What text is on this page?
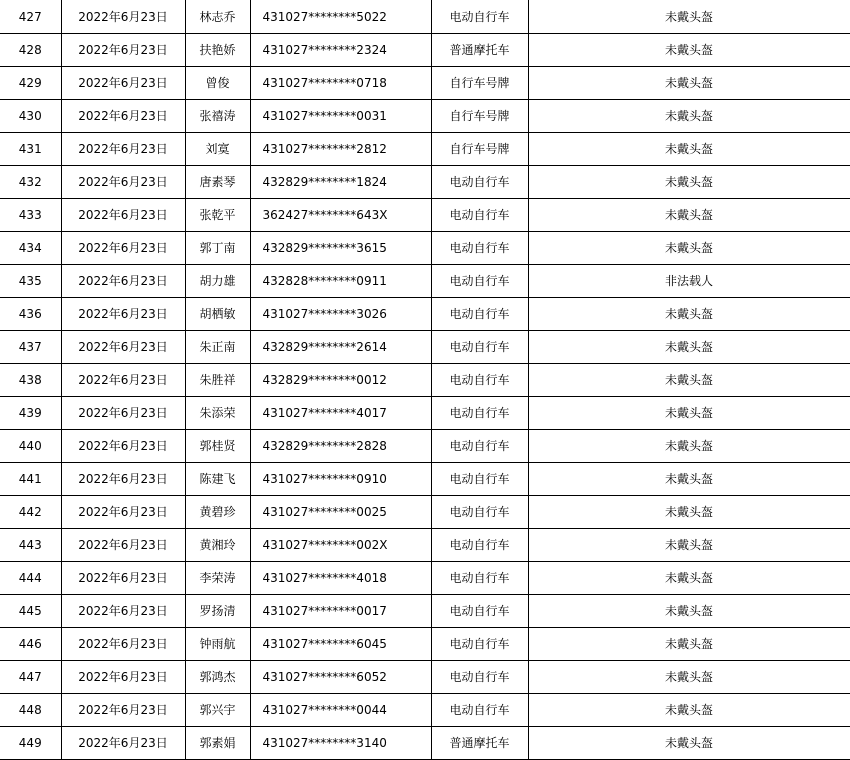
427	2022年6月23日	林志乔	431027********5022	电动自行车	未戴头盔
428	2022年6月23日	扶艳娇	431027********2324	普通摩托车	未戴头盔
429	2022年6月23日	曾俊	431027********0718	自行车号牌	未戴头盔
430	2022年6月23日	张禧涛	431027********0031	自行车号牌	未戴头盔
431	2022年6月23日	刘寞	431027********2812	自行车号牌	未戴头盔
432	2022年6月23日	唐素琴	432829********1824	电动自行车	未戴头盔
433	2022年6月23日	张乾平	362427********643X	电动自行车	未戴头盔
434	2022年6月23日	郭丁南	432829********3615	电动自行车	未戴头盔
435	2022年6月23日	胡力雄	432828********0911	电动自行车	非法载人
436	2022年6月23日	胡栖敏	431027********3026	电动自行车	未戴头盔
437	2022年6月23日	朱正南	432829********2614	电动自行车	未戴头盔
438	2022年6月23日	朱胜祥	432829********0012	电动自行车	未戴头盔
439	2022年6月23日	朱添荣	431027********4017	电动自行车	未戴头盔
440	2022年6月23日	郭桂贤	432829********2828	电动自行车	未戴头盔
441	2022年6月23日	陈建飞	431027********0910	电动自行车	未戴头盔
442	2022年6月23日	黄碧珍	431027********0025	电动自行车	未戴头盔
443	2022年6月23日	黄湘玲	431027********002X	电动自行车	未戴头盔
444	2022年6月23日	李荣涛	431027********4018	电动自行车	未戴头盔
445	2022年6月23日	罗扬清	431027********0017	电动自行车	未戴头盔
446	2022年6月23日	钟雨航	431027********6045	电动自行车	未戴头盔
447	2022年6月23日	郭鸿杰	431027********6052	电动自行车	未戴头盔
448	2022年6月23日	郭兴宇	431027********0044	电动自行车	未戴头盔
449	2022年6月23日	郭素娟	431027********3140	普通摩托车	未戴头盔
